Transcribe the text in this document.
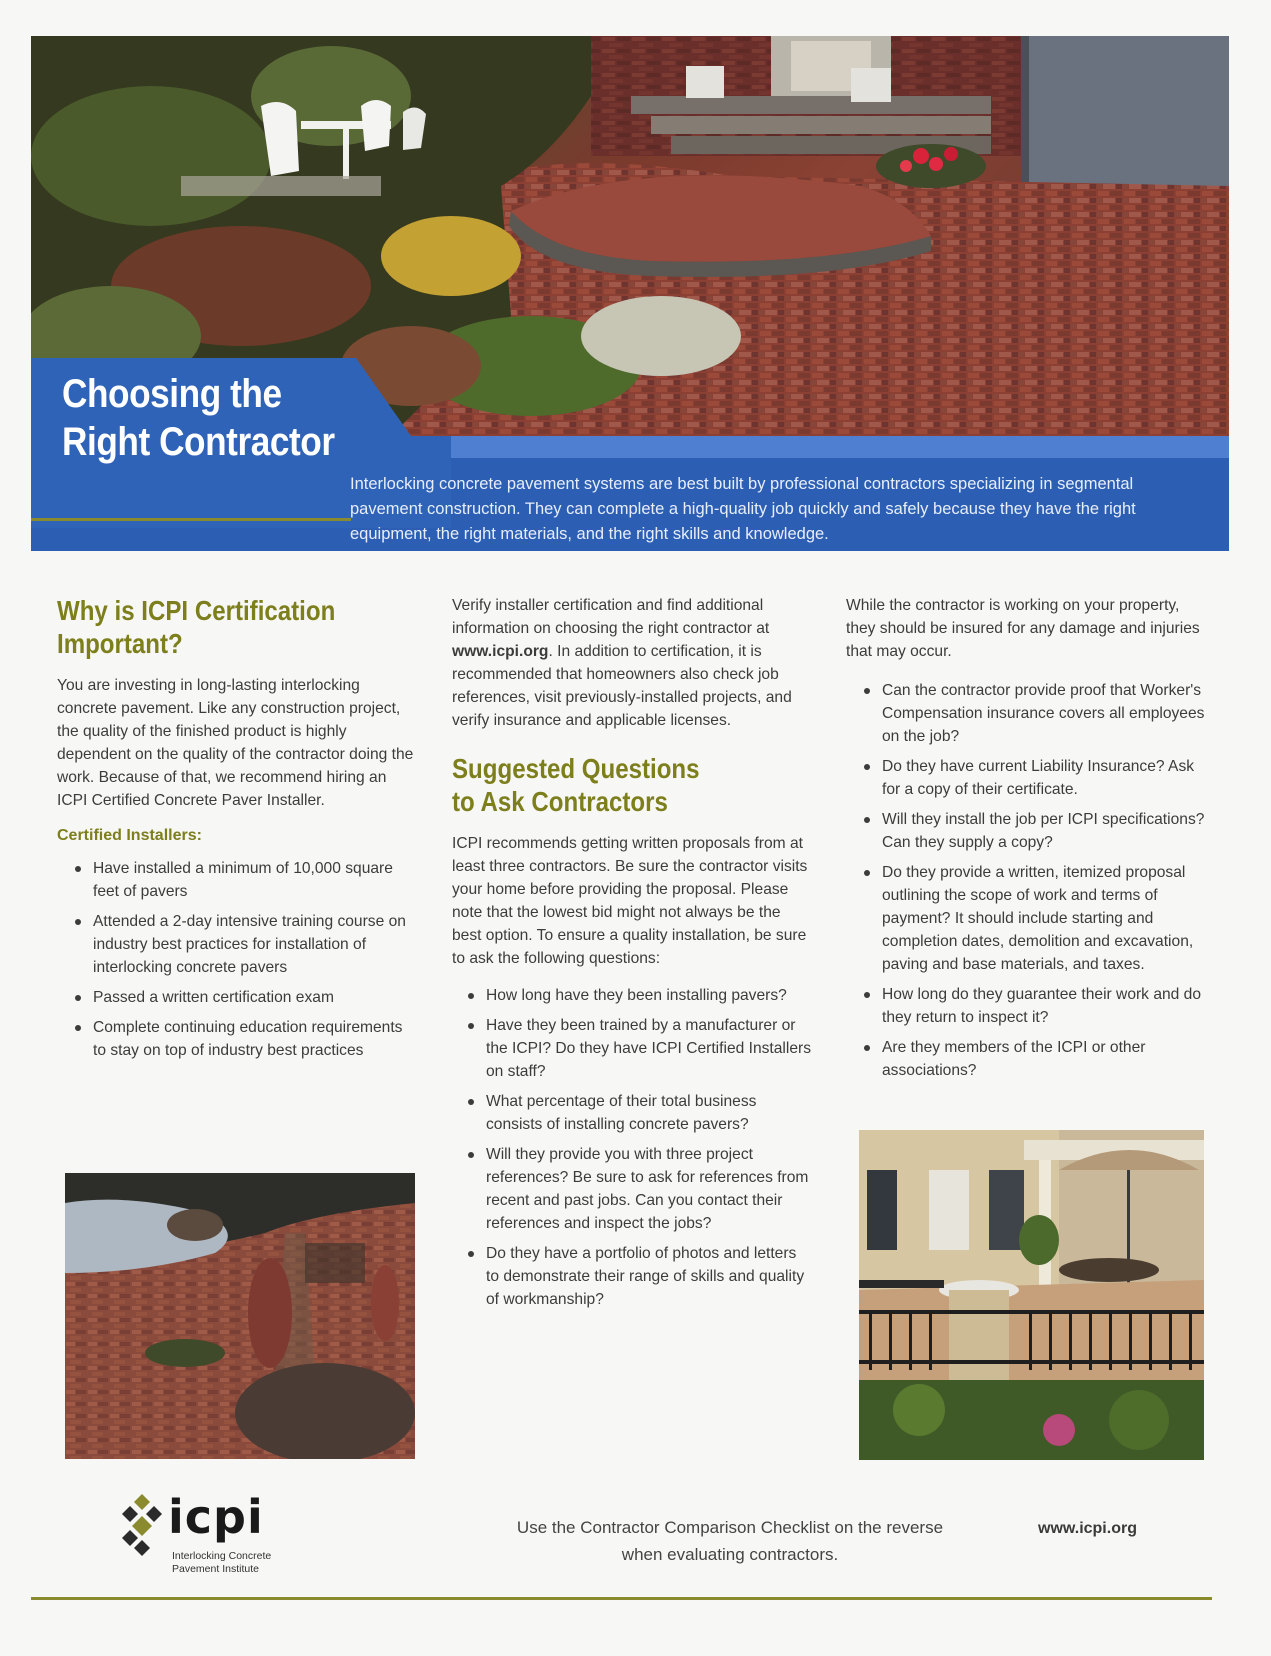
Choosing the
Right Contractor

Interlocking concrete pavement systems are best built by professional contractors specializing in segmental pavement construction. They can complete a high-quality job quickly and safely because they have the right equipment, the right materials, and the right skills and knowledge.

Why is ICPI Certification Important?

You are investing in long-lasting interlocking concrete pavement. Like any construction project, the quality of the finished product is highly dependent on the quality of the contractor doing the work. Because of that, we recommend hiring an ICPI Certified Concrete Paver Installer.

Certified Installers:
Have installed a minimum of 10,000 square feet of pavers
Attended a 2-day intensive training course on industry best practices for installation of interlocking concrete pavers
Passed a written certification exam
Complete continuing education requirements to stay on top of industry best practices

Verify installer certification and find additional information on choosing the right contractor at www.icpi.org. In addition to certification, it is recommended that homeowners also check job references, visit previously-installed projects, and verify insurance and applicable licenses.

Suggested Questions to Ask Contractors

ICPI recommends getting written proposals from at least three contractors. Be sure the contractor visits your home before providing the proposal. Please note that the lowest bid might not always be the best option. To ensure a quality installation, be sure to ask the following questions:

How long have they been installing pavers?
Have they been trained by a manufacturer or the ICPI? Do they have ICPI Certified Installers on staff?
What percentage of their total business consists of installing concrete pavers?
Will they provide you with three project references? Be sure to ask for references from recent and past jobs. Can you contact their references and inspect the jobs?
Do they have a portfolio of photos and letters to demonstrate their range of skills and quality of workmanship?

While the contractor is working on your property, they should be insured for any damage and injuries that may occur.

Can the contractor provide proof that Worker's Compensation insurance covers all employees on the job?
Do they have current Liability Insurance? Ask for a copy of their certificate.
Will they install the job per ICPI specifications? Can they supply a copy?
Do they provide a written, itemized proposal outlining the scope of work and terms of payment? It should include starting and completion dates, demolition and excavation, paving and base materials, and taxes.
How long do they guarantee their work and do they return to inspect it?
Are they members of the ICPI or other associations?
icpi
Interlocking Concrete
Pavement Institute
Use the Contractor Comparison Checklist on the reverse
when evaluating contractors.
www.icpi.org
